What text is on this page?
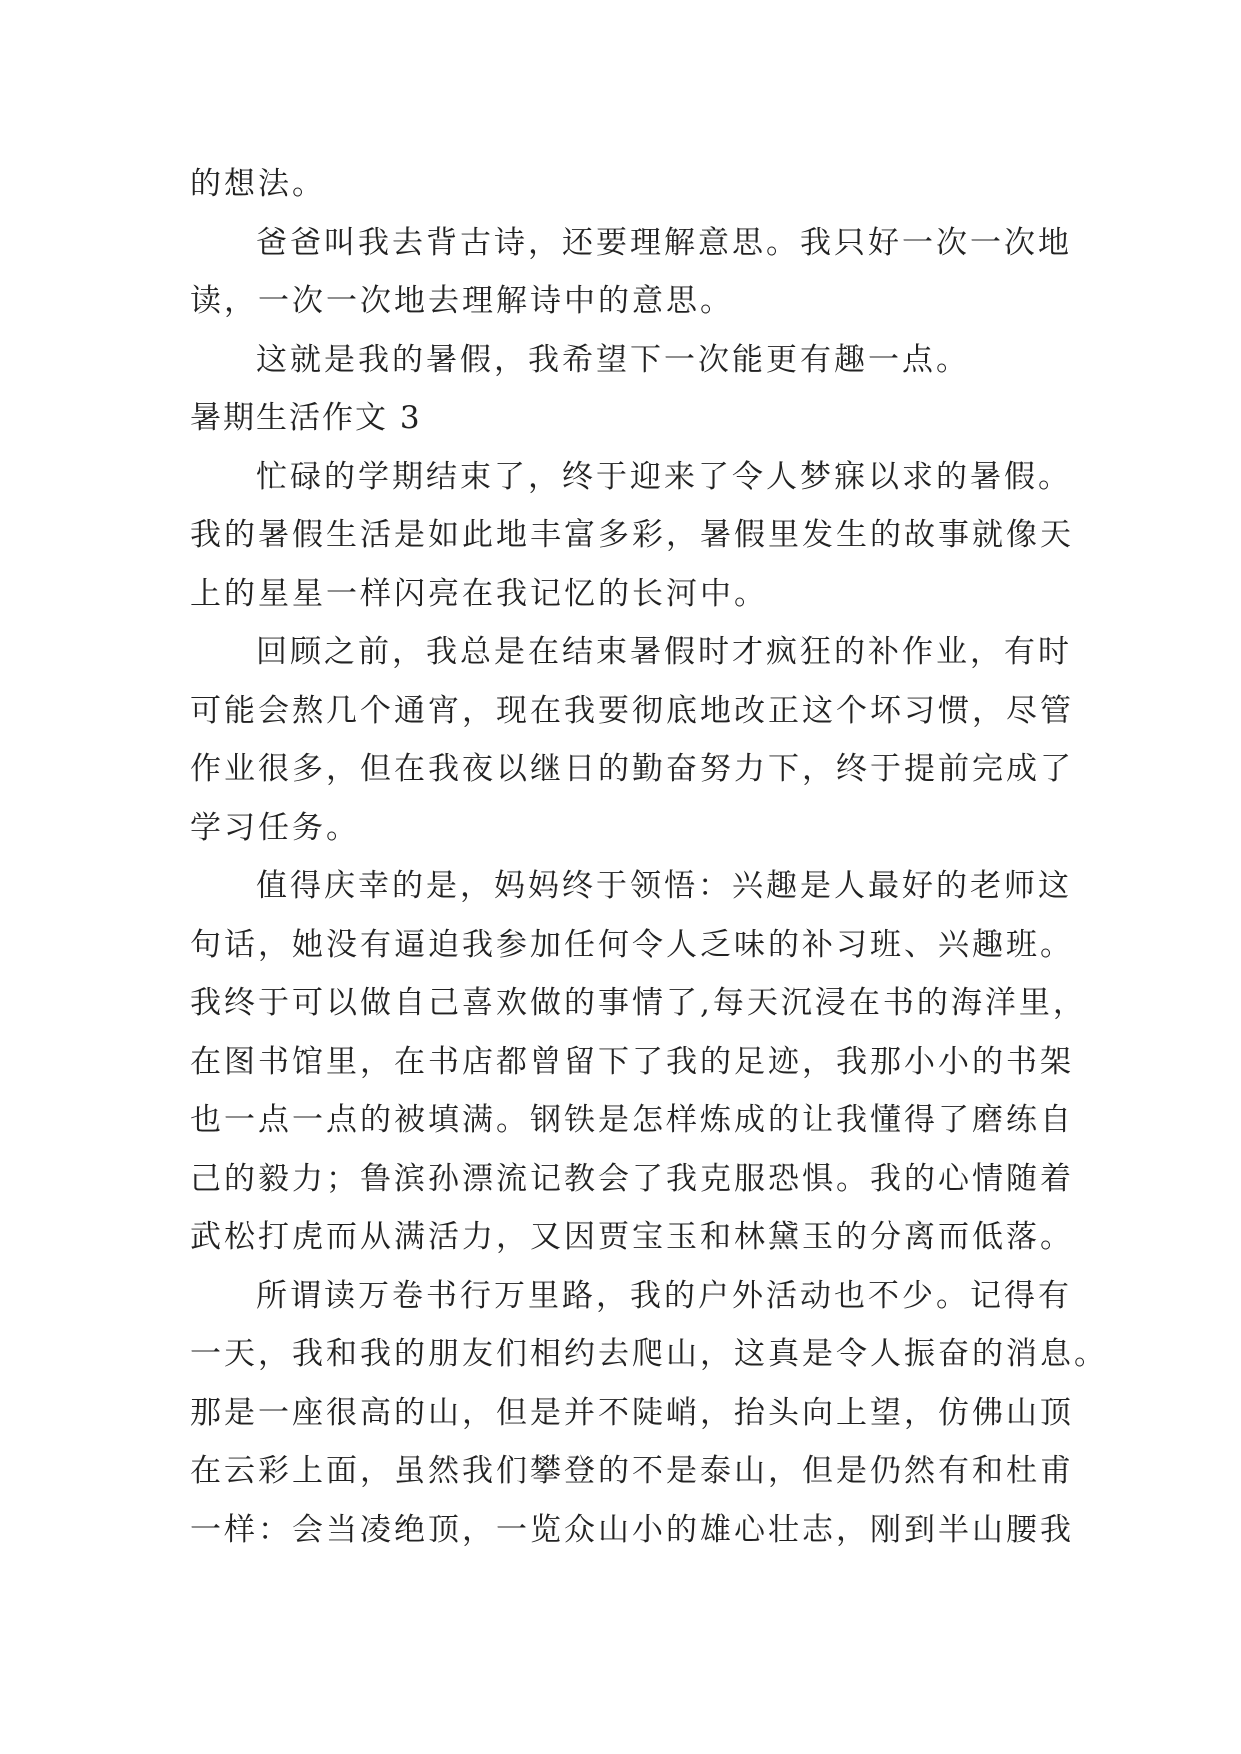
的想法。
爸爸叫我去背古诗，还要理解意思。我只好一次一次地
读，一次一次地去理解诗中的意思。
这就是我的暑假，我希望下一次能更有趣一点。
暑期生活作文 3
忙碌的学期结束了，终于迎来了令人梦寐以求的暑假。
我的暑假生活是如此地丰富多彩，暑假里发生的故事就像天
上的星星一样闪亮在我记忆的长河中。
回顾之前，我总是在结束暑假时才疯狂的补作业，有时
可能会熬几个通宵，现在我要彻底地改正这个坏习惯，尽管
作业很多，但在我夜以继日的勤奋努力下，终于提前完成了
学习任务。
值得庆幸的是，妈妈终于领悟：兴趣是人最好的老师这
句话，她没有逼迫我参加任何令人乏味的补习班、兴趣班。
我终于可以做自己喜欢做的事情了,每天沉浸在书的海洋里，
在图书馆里，在书店都曾留下了我的足迹，我那小小的书架
也一点一点的被填满。钢铁是怎样炼成的让我懂得了磨练自
己的毅力；鲁滨孙漂流记教会了我克服恐惧。我的心情随着
武松打虎而从满活力，又因贾宝玉和林黛玉的分离而低落。
所谓读万卷书行万里路，我的户外活动也不少。记得有
一天，我和我的朋友们相约去爬山，这真是令人振奋的消息。
那是一座很高的山，但是并不陡峭，抬头向上望，仿佛山顶
在云彩上面，虽然我们攀登的不是泰山，但是仍然有和杜甫
一样：会当凌绝顶，一览众山小的雄心壮志，刚到半山腰我
